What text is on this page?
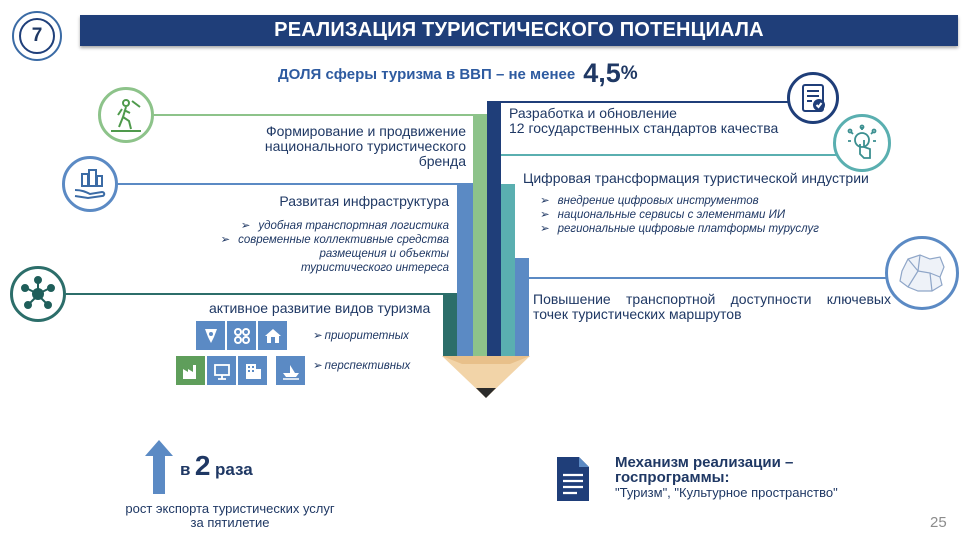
7	РЕАЛИЗАЦИЯ ТУРИСТИЧЕСКОГО ПОТЕНЦИАЛА
ДОЛЯ сферы туризма в ВВП – не менее 4,5%
Формирование и продвижение
национального туристического
бренда
Развитая инфраструктура
➢ удобная транспортная логистика
➢ современные коллективные средства
размещения и объекты
туристического интереса
активное развитие видов туризма
➢ приоритетных
➢ перспективных
Разработка и обновление
12 государственных стандартов качества
Цифровая трансформация туристической индустрии
➢ внедрение цифровых инструментов
➢ национальные сервисы с элементами ИИ
➢ региональные цифровые платформы туруслуг
Повышение транспортной доступности ключевых
точек туристических маршрутов
в 2 раза
рост экспорта туристических услуг
за пятилетие
Механизм реализации –
госпрограммы:
"Туризм", "Культурное пространство"
25
